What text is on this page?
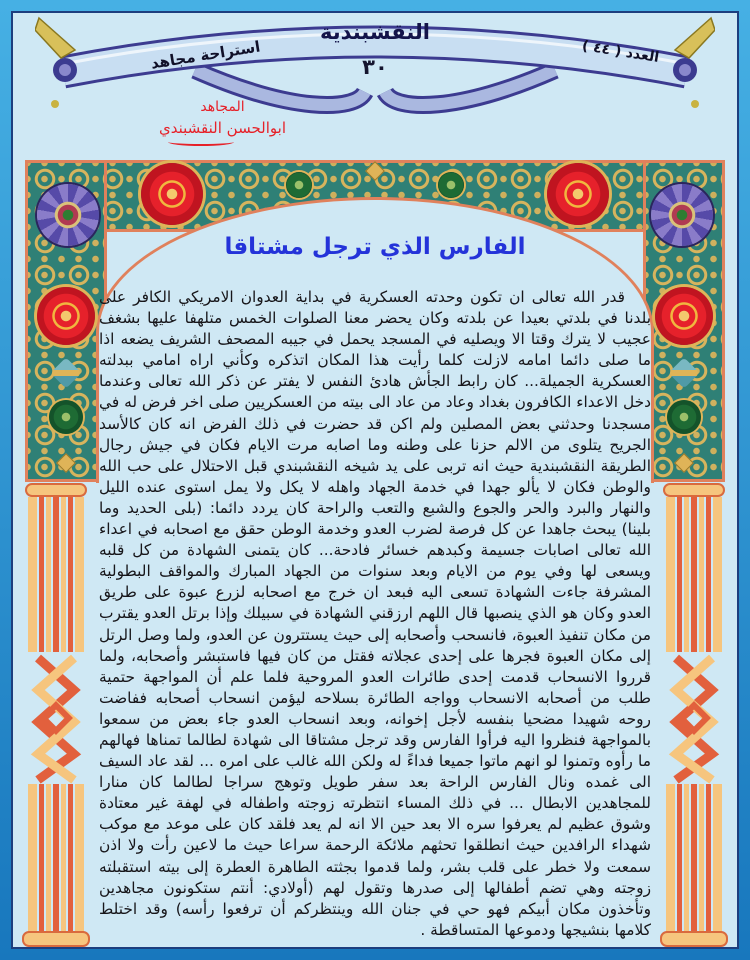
النقشبندية
استراحة مجاهد	العدد ( ٤٤ )
٣٠
المجاهد
ابوالحسن النقشبندي
الفارس الذي ترجل مشتاقا
قدر الله تعالى ان تكون وحدته العسكرية في بداية العدوان الامريكي الكافر على بلدنا في بلدتي بعيدا عن بلدته وكان يحضر معنا الصلوات الخمس متلهفا عليها بشغف عجيب لا يترك وقتا الا ويصليه في المسجد يحمل في جيبه المصحف الشريف يضعه اذا ما صلى دائما امامه لازلت كلما رأيت هذا المكان اتذكره وكأني اراه امامي ببدلته العسكرية الجميلة... كان رابط الجأش هادئ النفس لا يفتر عن ذكر الله تعالى وعندما دخل الاعداء الكافرون بغداد وعاد من عاد الى بيته من العسكريين صلى اخر فرض له في مسجدنا وحدثني بعض المصلين ولم اكن قد حضرت في ذلك الفرض انه كان كالأسد الجريح يتلوى من الالم حزنا على وطنه وما اصابه مرت الايام فكان في جيش رجال الطريقة النقشبندية حيث انه تربى على يد شيخه النقشبندي قبل الاحتلال على حب الله والوطن فكان لا يألو جهدا في خدمة الجهاد واهله لا يكل ولا يمل استوى عنده الليل والنهار والبرد والحر والجوع والشبع والتعب والراحة كان يردد دائما: (بلى الحديد وما بلينا) يبحث جاهدا عن كل فرصة لضرب العدو وخدمة الوطن حقق مع اصحابه في اعداء الله تعالى اصابات جسيمة وكبدهم خسائر فادحة... كان يتمنى الشهادة من كل قلبه ويسعى لها وفي يوم من الايام وبعد سنوات من الجهاد المبارك والمواقف البطولية المشرفة جاءت الشهادة تسعى اليه فبعد ان خرج مع اصحابه لزرع عبوة على طريق العدو وكان هو الذي ينصبها قال اللهم ارزقني الشهادة في سبيلك وإذا برتل العدو يقترب من مكان تنفيذ العبوة، فانسحب وأصحابه إلى حيث يستترون عن العدو، ولما وصل الرتل إلى مكان العبوة فجرها على إحدى عجلاته فقتل من كان فيها فاستبشر وأصحابه، ولما قرروا الانسحاب قدمت إحدى طائرات العدو المروحية فلما علم أن المواجهة حتمية طلب من أصحابه الانسحاب وواجه الطائرة بسلاحه ليؤمن انسحاب أصحابه ففاضت روحه شهيدا مضحيا بنفسه لأجل إخوانه، وبعد انسحاب العدو جاء بعض من سمعوا بالمواجهة فنظروا اليه فرأوا الفارس وقد ترجل مشتاقا الى شهادة لطالما تمناها فهالهم ما رأوه وتمنوا لو انهم ماتوا جميعا فداءً له ولكن الله غالب على امره ... لقد عاد السيف الى غمده ونال الفارس الراحة بعد سفر طويل وتوهج سراجا لطالما كان منارا للمجاهدين الابطال ... في ذلك المساء انتظرته زوجته واطفاله في لهفة غير معتادة وشوق عظيم لم يعرفوا سره الا بعد حين الا انه لم يعد فلقد كان على موعد مع موكب شهداء الرافدين حيث انطلقوا تحثهم ملائكة الرحمة سراعا حيث ما لاعين رأت ولا اذن سمعت ولا خطر على قلب بشر، ولما قدموا بجثته الطاهرة العطرة إلى بيته استقبلته زوجته وهي تضم أطفالها إلى صدرها وتقول لهم (أولادي: أنتم ستكونون مجاهدين وتأخذون مكان أبيكم فهو حي في جنان الله وينتظركم أن ترفعوا رأسه) وقد اختلط كلامها بنشيجها ودموعها المتساقطة .
